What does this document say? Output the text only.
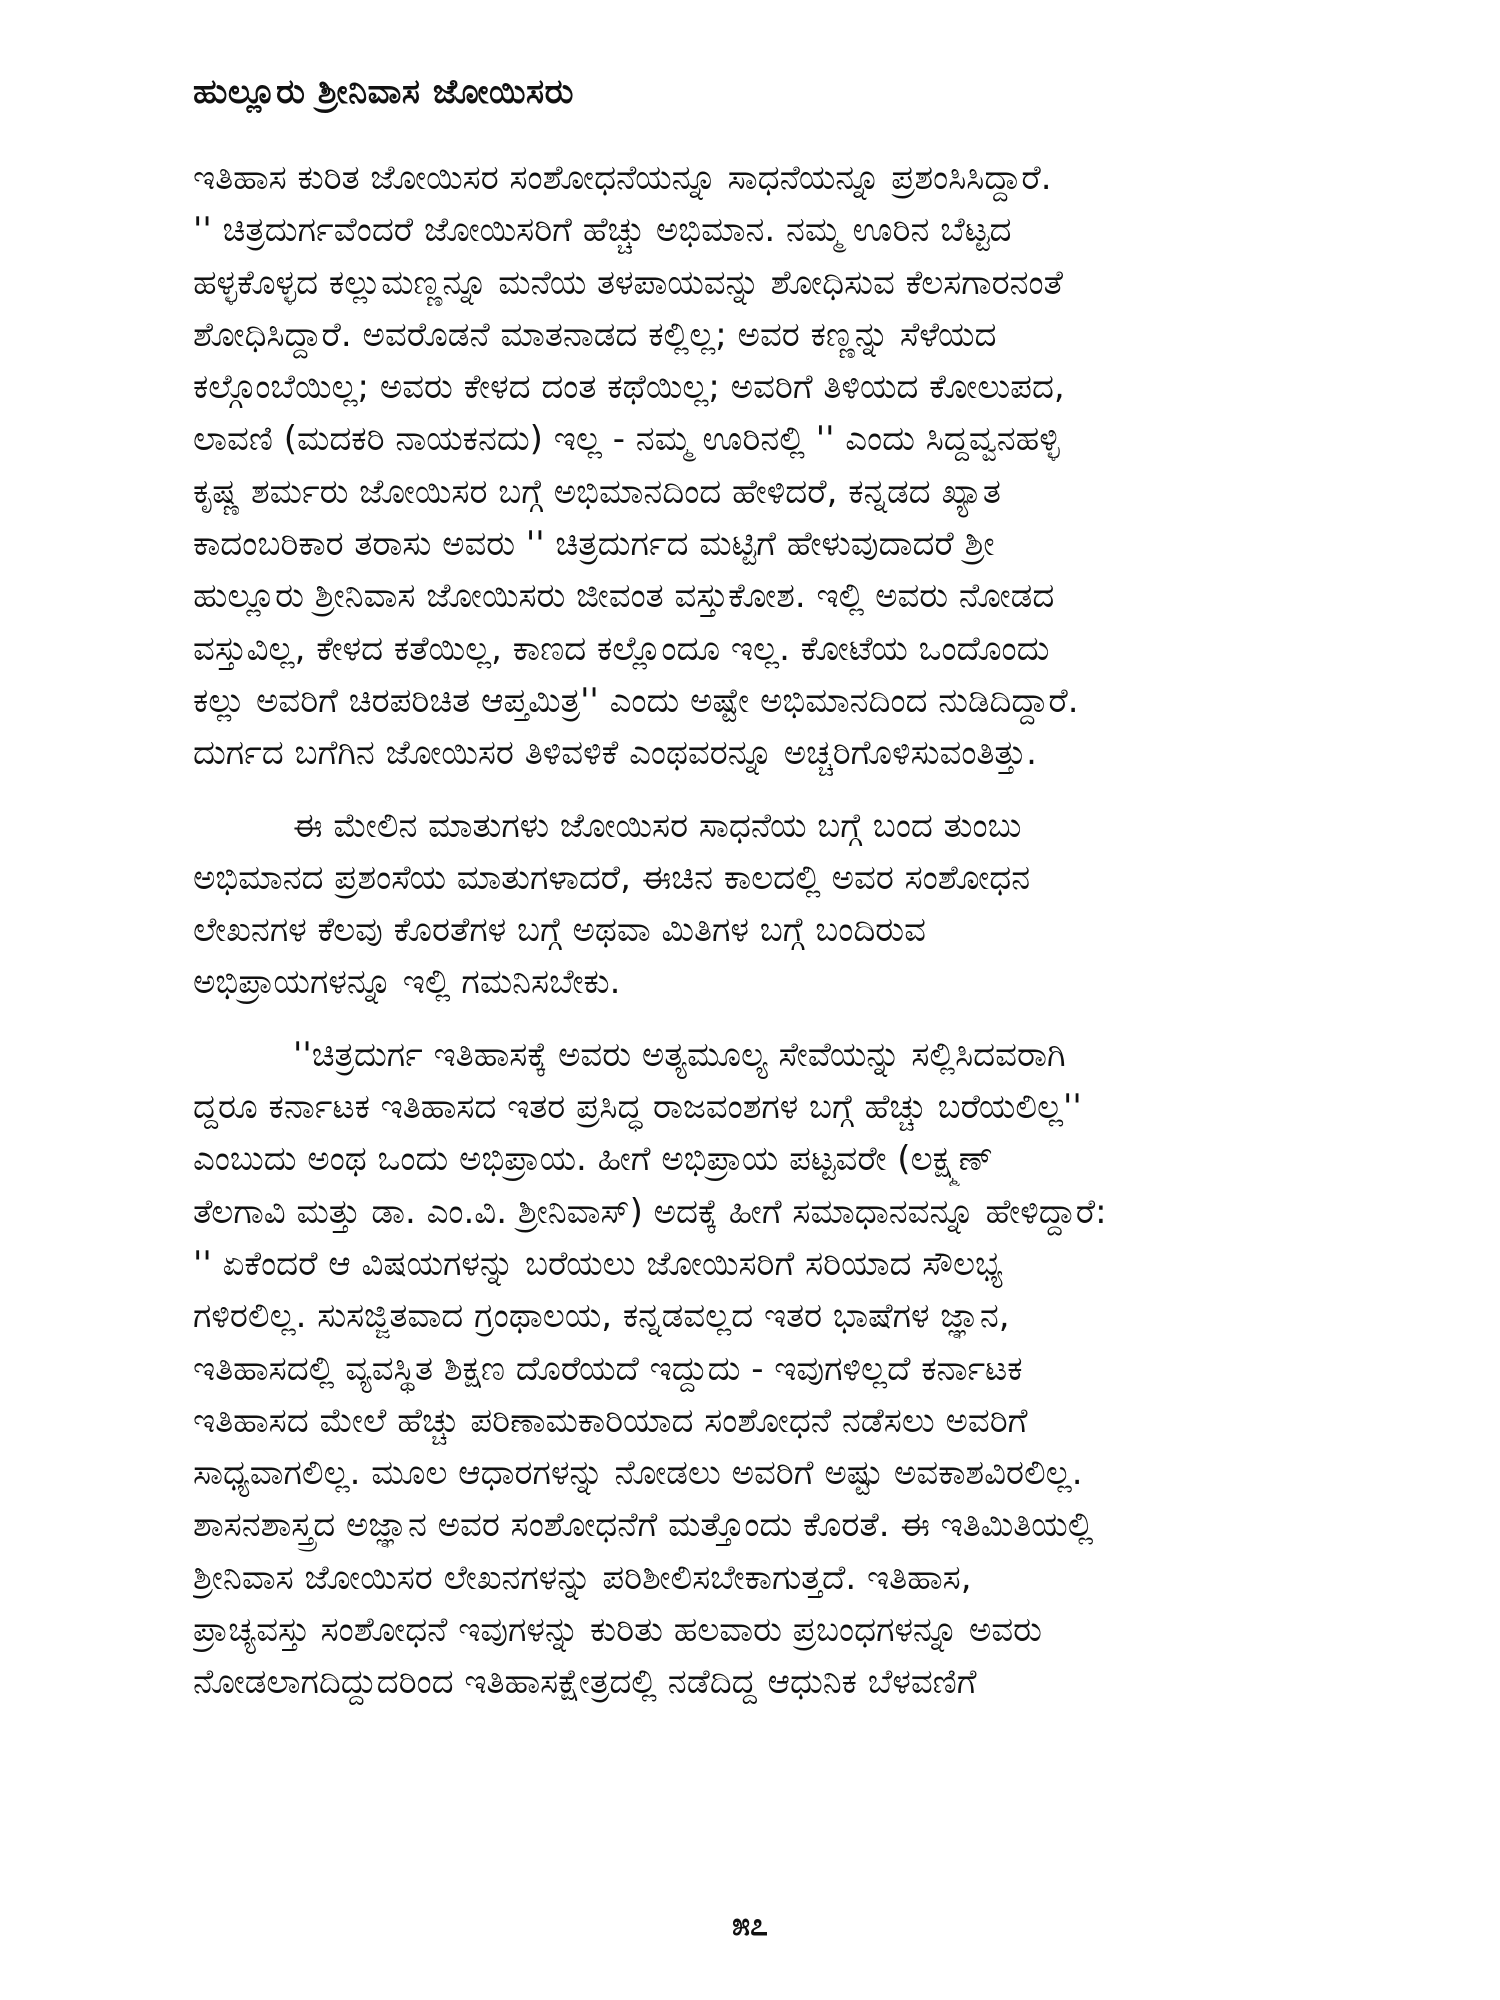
ಹುಲ್ಲೂರು ಶ್ರೀನಿವಾಸ ಜೋಯಿಸರು
ಇತಿಹಾಸ ಕುರಿತ ಜೋಯಿಸರ ಸಂಶೋಧನೆಯನ್ನೂ ಸಾಧನೆಯನ್ನೂ ಪ್ರಶಂಸಿಸಿದ್ದಾರೆ.
'' ಚಿತ್ರದುರ್ಗವೆಂದರೆ ಜೋಯಿಸರಿಗೆ ಹೆಚ್ಚು ಅಭಿಮಾನ. ನಮ್ಮ ಊರಿನ ಬೆಟ್ಟದ
ಹಳ್ಳಕೊಳ್ಳದ ಕಲ್ಲುಮಣ್ಣನ್ನೂ ಮನೆಯ ತಳಪಾಯವನ್ನು ಶೋಧಿಸುವ ಕೆಲಸಗಾರನಂತೆ
ಶೋಧಿಸಿದ್ದಾರೆ. ಅವರೊಡನೆ ಮಾತನಾಡದ ಕಲ್ಲಿಲ್ಲ; ಅವರ ಕಣ್ಣನ್ನು ಸೆಳೆಯದ
ಕಲ್ಗೊಂಬೆಯಿಲ್ಲ; ಅವರು ಕೇಳದ ದಂತ ಕಥೆಯಿಲ್ಲ; ಅವರಿಗೆ ತಿಳಿಯದ ಕೋಲುಪದ,
ಲಾವಣಿ (ಮದಕರಿ ನಾಯಕನದು) ಇಲ್ಲ - ನಮ್ಮ ಊರಿನಲ್ಲಿ '' ಎಂದು ಸಿದ್ದವ್ವನಹಳ್ಳಿ
ಕೃಷ್ಣ ಶರ್ಮರು ಜೋಯಿಸರ ಬಗ್ಗೆ ಅಭಿಮಾನದಿಂದ ಹೇಳಿದರೆ, ಕನ್ನಡದ ಖ್ಯಾತ
ಕಾದಂಬರಿಕಾರ ತರಾಸು ಅವರು '' ಚಿತ್ರದುರ್ಗದ ಮಟ್ಟಿಗೆ ಹೇಳುವುದಾದರೆ ಶ್ರೀ
ಹುಲ್ಲೂರು ಶ್ರೀನಿವಾಸ ಜೋಯಿಸರು ಜೀವಂತ ವಸ್ತುಕೋಶ. ಇಲ್ಲಿ ಅವರು ನೋಡದ
ವಸ್ತುವಿಲ್ಲ, ಕೇಳದ ಕತೆಯಿಲ್ಲ, ಕಾಣದ ಕಲ್ಲೊಂದೂ ಇಲ್ಲ. ಕೋಟೆಯ ಒಂದೊಂದು
ಕಲ್ಲು ಅವರಿಗೆ ಚಿರಪರಿಚಿತ ಆಪ್ತಮಿತ್ರ'' ಎಂದು ಅಷ್ಟೇ ಅಭಿಮಾನದಿಂದ ನುಡಿದಿದ್ದಾರೆ.
ದುರ್ಗದ ಬಗೆಗಿನ ಜೋಯಿಸರ ತಿಳಿವಳಿಕೆ ಎಂಥವರನ್ನೂ ಅಚ್ಚರಿಗೊಳಿಸುವಂತಿತ್ತು.
ಈ ಮೇಲಿನ ಮಾತುಗಳು ಜೋಯಿಸರ ಸಾಧನೆಯ ಬಗ್ಗೆ ಬಂದ ತುಂಬು
ಅಭಿಮಾನದ ಪ್ರಶಂಸೆಯ ಮಾತುಗಳಾದರೆ, ಈಚಿನ ಕಾಲದಲ್ಲಿ ಅವರ ಸಂಶೋಧನ
ಲೇಖನಗಳ ಕೆಲವು ಕೊರತೆಗಳ ಬಗ್ಗೆ ಅಥವಾ ಮಿತಿಗಳ ಬಗ್ಗೆ ಬಂದಿರುವ
ಅಭಿಪ್ರಾಯಗಳನ್ನೂ ಇಲ್ಲಿ ಗಮನಿಸಬೇಕು.
''ಚಿತ್ರದುರ್ಗ ಇತಿಹಾಸಕ್ಕೆ ಅವರು ಅತ್ಯಮೂಲ್ಯ ಸೇವೆಯನ್ನು ಸಲ್ಲಿಸಿದವರಾಗಿ
ದ್ದರೂ ಕರ್ನಾಟಕ ಇತಿಹಾಸದ ಇತರ ಪ್ರಸಿದ್ಧ ರಾಜವಂಶಗಳ ಬಗ್ಗೆ ಹೆಚ್ಚು ಬರೆಯಲಿಲ್ಲ''
ಎಂಬುದು ಅಂಥ ಒಂದು ಅಭಿಪ್ರಾಯ. ಹೀಗೆ ಅಭಿಪ್ರಾಯ ಪಟ್ಟವರೇ (ಲಕ್ಷ್ಮಣ್
ತೆಲಗಾವಿ ಮತ್ತು ಡಾ. ಎಂ.ವಿ. ಶ್ರೀನಿವಾಸ್) ಅದಕ್ಕೆ ಹೀಗೆ ಸಮಾಧಾನವನ್ನೂ ಹೇಳಿದ್ದಾರೆ:
'' ಏಕೆಂದರೆ ಆ ವಿಷಯಗಳನ್ನು ಬರೆಯಲು ಜೋಯಿಸರಿಗೆ ಸರಿಯಾದ ಸೌಲಭ್ಯ
ಗಳಿರಲಿಲ್ಲ. ಸುಸಜ್ಜಿತವಾದ ಗ್ರಂಥಾಲಯ, ಕನ್ನಡವಲ್ಲದ ಇತರ ಭಾಷೆಗಳ ಜ್ಞಾನ,
ಇತಿಹಾಸದಲ್ಲಿ ವ್ಯವಸ್ಥಿತ ಶಿಕ್ಷಣ ದೊರೆಯದೆ ಇದ್ದುದು - ಇವುಗಳಿಲ್ಲದೆ ಕರ್ನಾಟಕ
ಇತಿಹಾಸದ ಮೇಲೆ ಹೆಚ್ಚು ಪರಿಣಾಮಕಾರಿಯಾದ ಸಂಶೋಧನೆ ನಡೆಸಲು ಅವರಿಗೆ
ಸಾಧ್ಯವಾಗಲಿಲ್ಲ. ಮೂಲ ಆಧಾರಗಳನ್ನು ನೋಡಲು ಅವರಿಗೆ ಅಷ್ಟು ಅವಕಾಶವಿರಲಿಲ್ಲ.
ಶಾಸನಶಾಸ್ತ್ರದ ಅಜ್ಞಾನ ಅವರ ಸಂಶೋಧನೆಗೆ ಮತ್ತೊಂದು ಕೊರತೆ. ಈ ಇತಿಮಿತಿಯಲ್ಲಿ
ಶ್ರೀನಿವಾಸ ಜೋಯಿಸರ ಲೇಖನಗಳನ್ನು ಪರಿಶೀಲಿಸಬೇಕಾಗುತ್ತದೆ. ಇತಿಹಾಸ,
ಪ್ರಾಚ್ಯವಸ್ತು ಸಂಶೋಧನೆ ಇವುಗಳನ್ನು ಕುರಿತು ಹಲವಾರು ಪ್ರಬಂಧಗಳನ್ನೂ ಅವರು
ನೋಡಲಾಗದಿದ್ದುದರಿಂದ ಇತಿಹಾಸಕ್ಷೇತ್ರದಲ್ಲಿ ನಡೆದಿದ್ದ ಆಧುನಿಕ ಬೆಳವಣಿಗೆ
೫೭
